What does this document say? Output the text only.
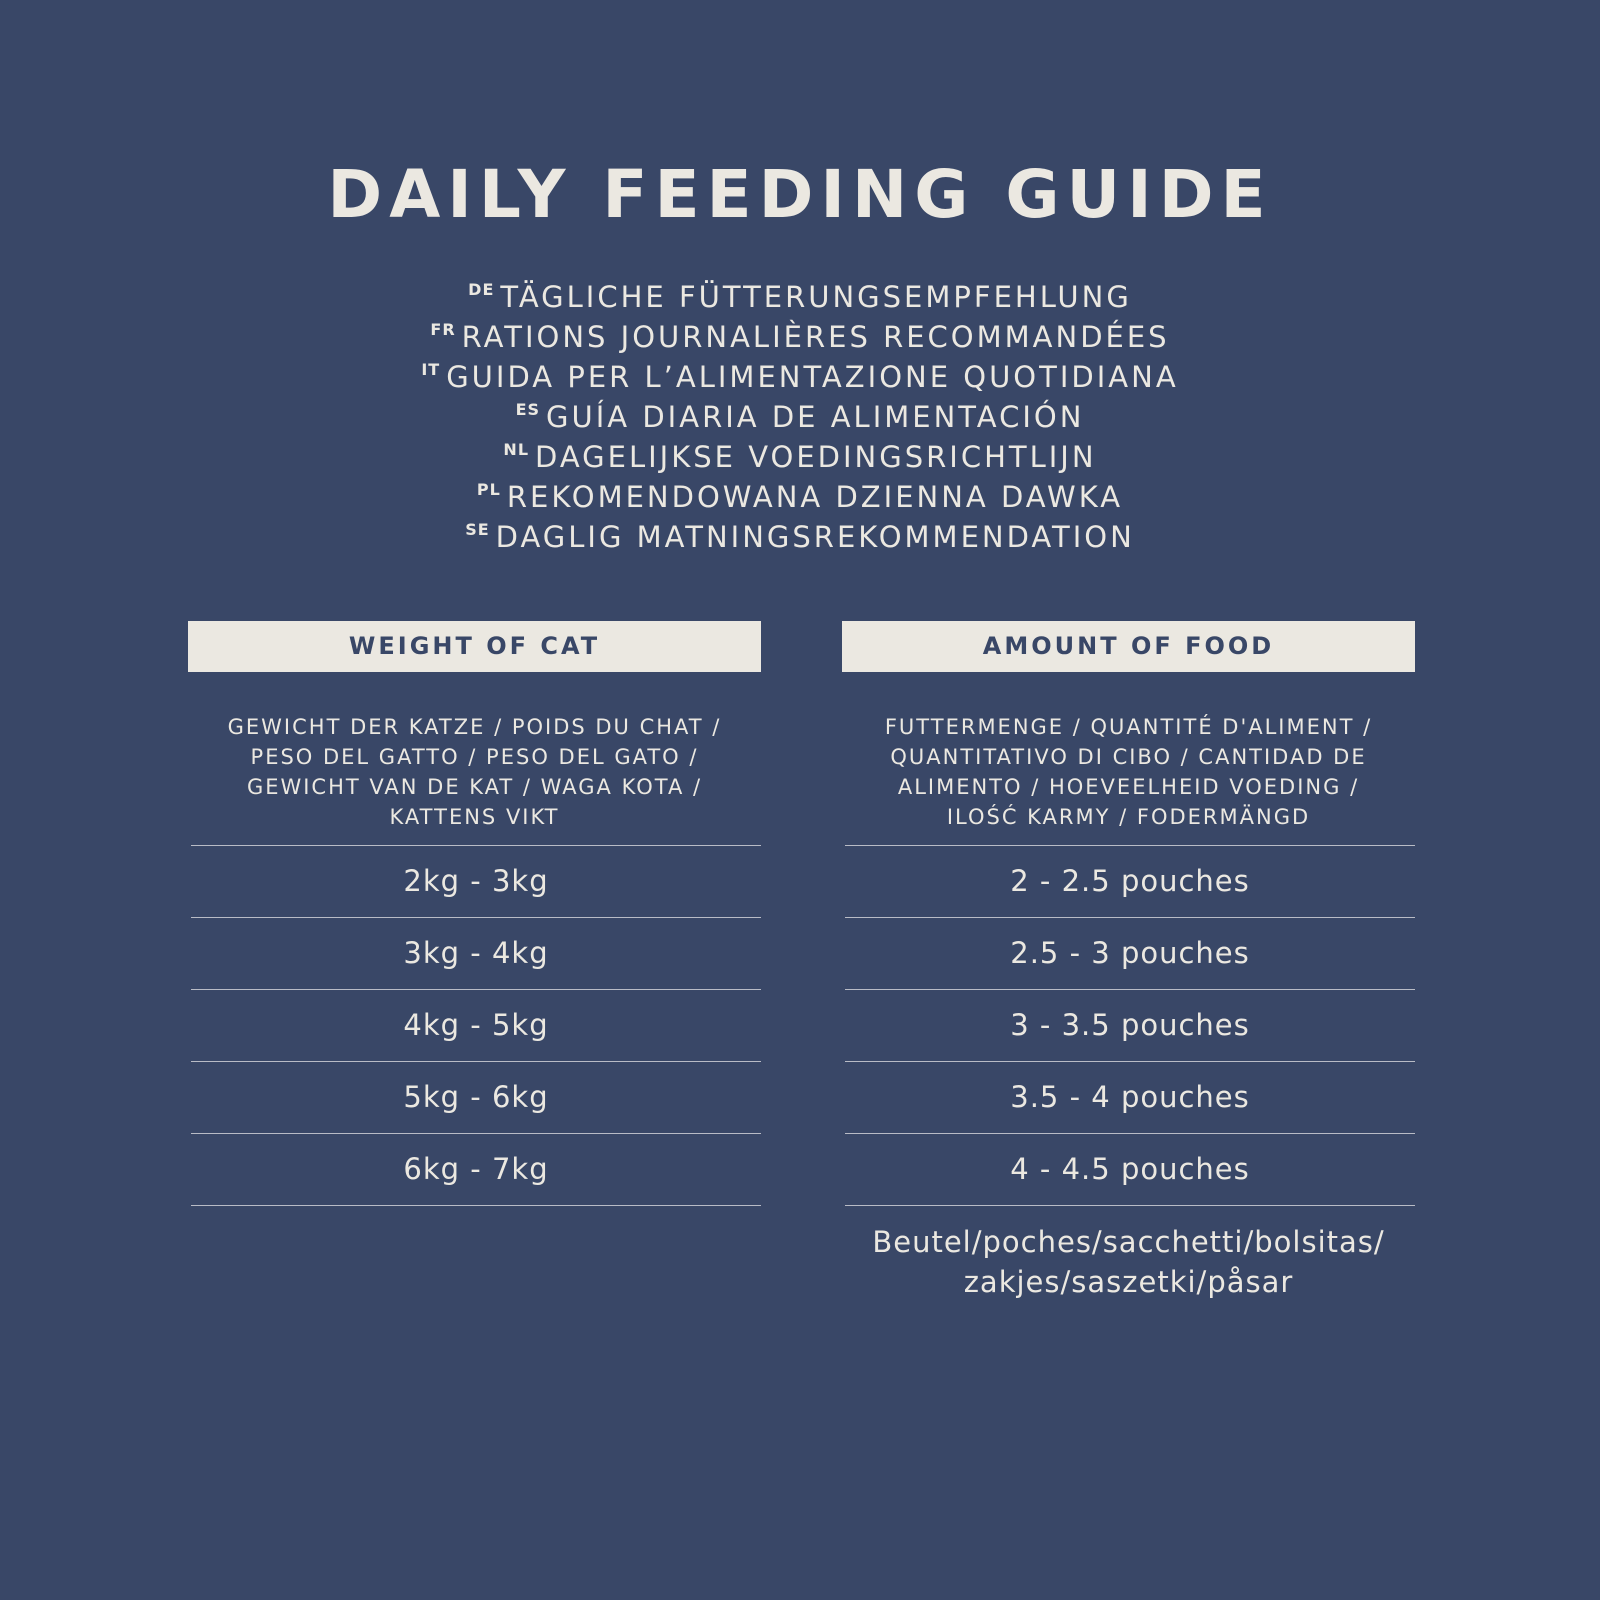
DAILY FEEDING GUIDE
$^{DE}$ TÄGLICHE FÜTTERUNGSEMPFEHLUNG
$^{FR}$ RATIONS JOURNALIÈRES RECOMMANDÉES
$^{IT}$ GUIDA PER L’ALIMENTAZIONE QUOTIDIANA
$^{ES}$ GUÍA DIARIA DE ALIMENTACIÓN
$^{NL}$ DAGELIJKSE VOEDINGSRICHTLIJN
$^{PL}$ REKOMENDOWANA DZIENNA DAWKA
$^{SE}$ DAGLIG MATNINGSREKOMMENDATION
WEIGHT OF CAT
GEWICHT DER KATZE / POIDS DU CHAT /
PESO DEL GATTO / PESO DEL GATO /
GEWICHT VAN DE KAT / WAGA KOTA /
KATTENS VIKT
2kg - 3kg
3kg - 4kg
4kg - 5kg
5kg - 6kg
6kg - 7kg
AMOUNT OF FOOD
FUTTERMENGE / QUANTITÉ D'ALIMENT /
QUANTITATIVO DI CIBO / CANTIDAD DE
ALIMENTO / HOEVEELHEID VOEDING /
ILOŚĆ KARMY / FODERMÄNGD
2 - 2.5 pouches
2.5 - 3 pouches
3 - 3.5 pouches
3.5 - 4 pouches
4 - 4.5 pouches
Beutel/poches/sacchetti/bolsitas/
zakjes/saszetki/påsar
